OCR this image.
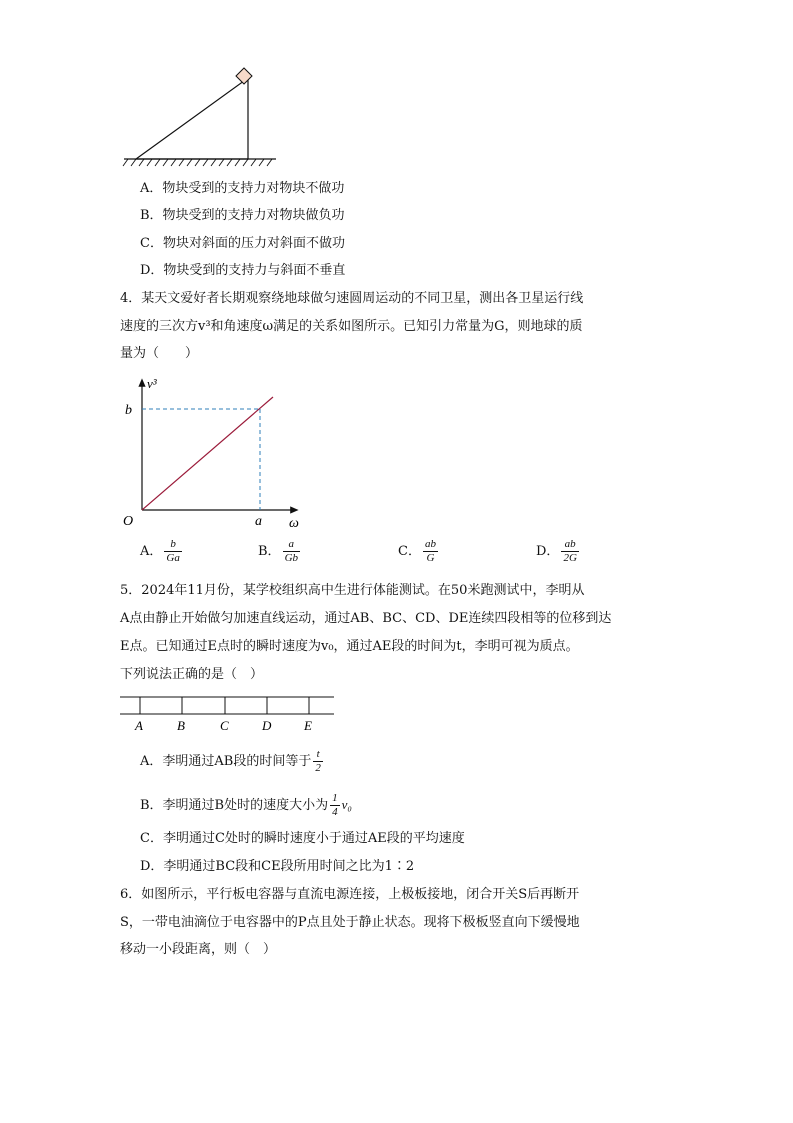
A．物块受到的支持力对物块不做功
B．物块受到的支持力对物块做负功
C．物块对斜面的压力对斜面不做功
D．物块受到的支持力与斜面不垂直
4．某天文爱好者长期观察绕地球做匀速圆周运动的不同卫星，测出各卫星运行线
速度的三次方v³和角速度ω满足的关系如图所示。已知引力常量为G，则地球的质
量为（　　）
v³
ω
O
b
a
A． $\frac{b}{Ga}$	B． $\frac{a}{Gb}$	C． $\frac{ab}{G}$	D． $\frac{ab}{2G}$
5．2024年11月份，某学校组织高中生进行体能测试。在50米跑测试中，李明从
A点由静止开始做匀加速直线运动，通过AB、BC、CD、DE连续四段相等的位移到达
E点。已知通过E点时的瞬时速度为v₀，通过AE段的时间为t，李明可视为质点。
下列说法正确的是（　）
A	B	C	D	E
A．李明通过AB段的时间等于 $\frac{t}{2}$
B．李明通过B处时的速度大小为 $\frac{1}{4} v_0$
C．李明通过C处时的瞬时速度小于通过AE段的平均速度
D．李明通过BC段和CE段所用时间之比为1∶2
6．如图所示，平行板电容器与直流电源连接，上极板接地，闭合开关S后再断开
S，一带电油滴位于电容器中的P点且处于静止状态。现将下极板竖直向下缓慢地
移动一小段距离，则（　）
